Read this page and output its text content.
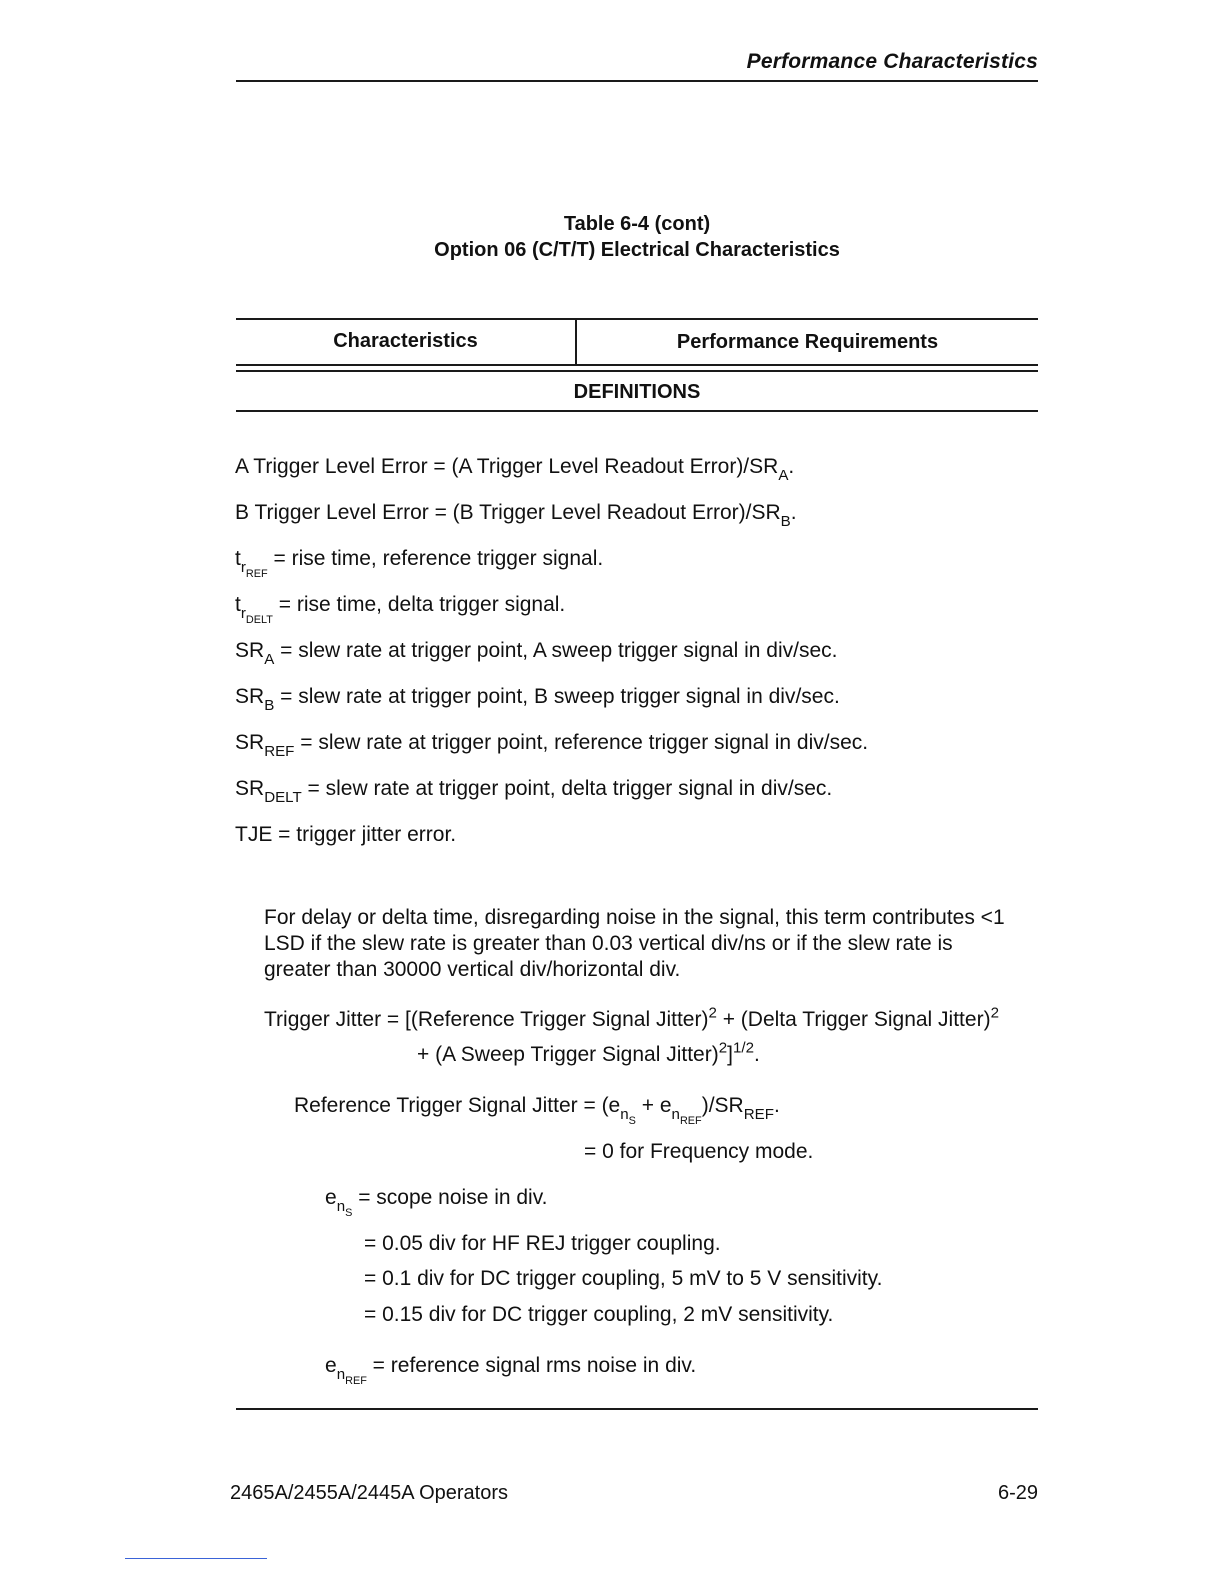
Performance Characteristics
Table 6-4 (cont)
Option 06 (C/T/T) Electrical Characteristics
Characteristics	Performance Requirements
DEFINITIONS
A Trigger Level Error = (A Trigger Level Readout $Error)/SR_A$.
B Trigger Level Error = (B Trigger Level Readout $Error)/SR_B$.
$t_{r_{REF}}$ = rise time, reference trigger signal.
$t_{r_{DELT}}$ = rise time, delta trigger signal.
$SR_A$ = slew rate at trigger point, A sweep trigger signal in div/sec.
$SR_B$ = slew rate at trigger point, B sweep trigger signal in div/sec.
$SR_{REF}$ = slew rate at trigger point, reference trigger signal in div/sec.
$SR_{DELT}$ = slew rate at trigger point, delta trigger signal in div/sec.
TJE = trigger jitter error.
For delay or delta time, disregarding noise in the signal, this term contributes <1 LSD if the slew rate is greater than 0.03 vertical div/ns or if the slew rate is greater than 30000 vertical div/horizontal div.
Trigger Jitter = [(Reference Trigger Signal Jitter)$^2$ + (Delta Trigger Signal Jitter)$^2$
+ (A Sweep Trigger Signal Jitter)$^2$]$^{1/2}$.
Reference Trigger Signal Jitter = $(e_{n_S} + e_{n_{REF}})/SR_{REF}$.
= 0 for Frequency mode.
$e_{n_S}$ = scope noise in div.
= 0.05 div for HF REJ trigger coupling.
= 0.1 div for DC trigger coupling, 5 mV to 5 V sensitivity.
= 0.15 div for DC trigger coupling, 2 mV sensitivity.
$e_{n_{REF}}$ = reference signal rms noise in div.
2465A/2455A/2445A Operators	6-29
